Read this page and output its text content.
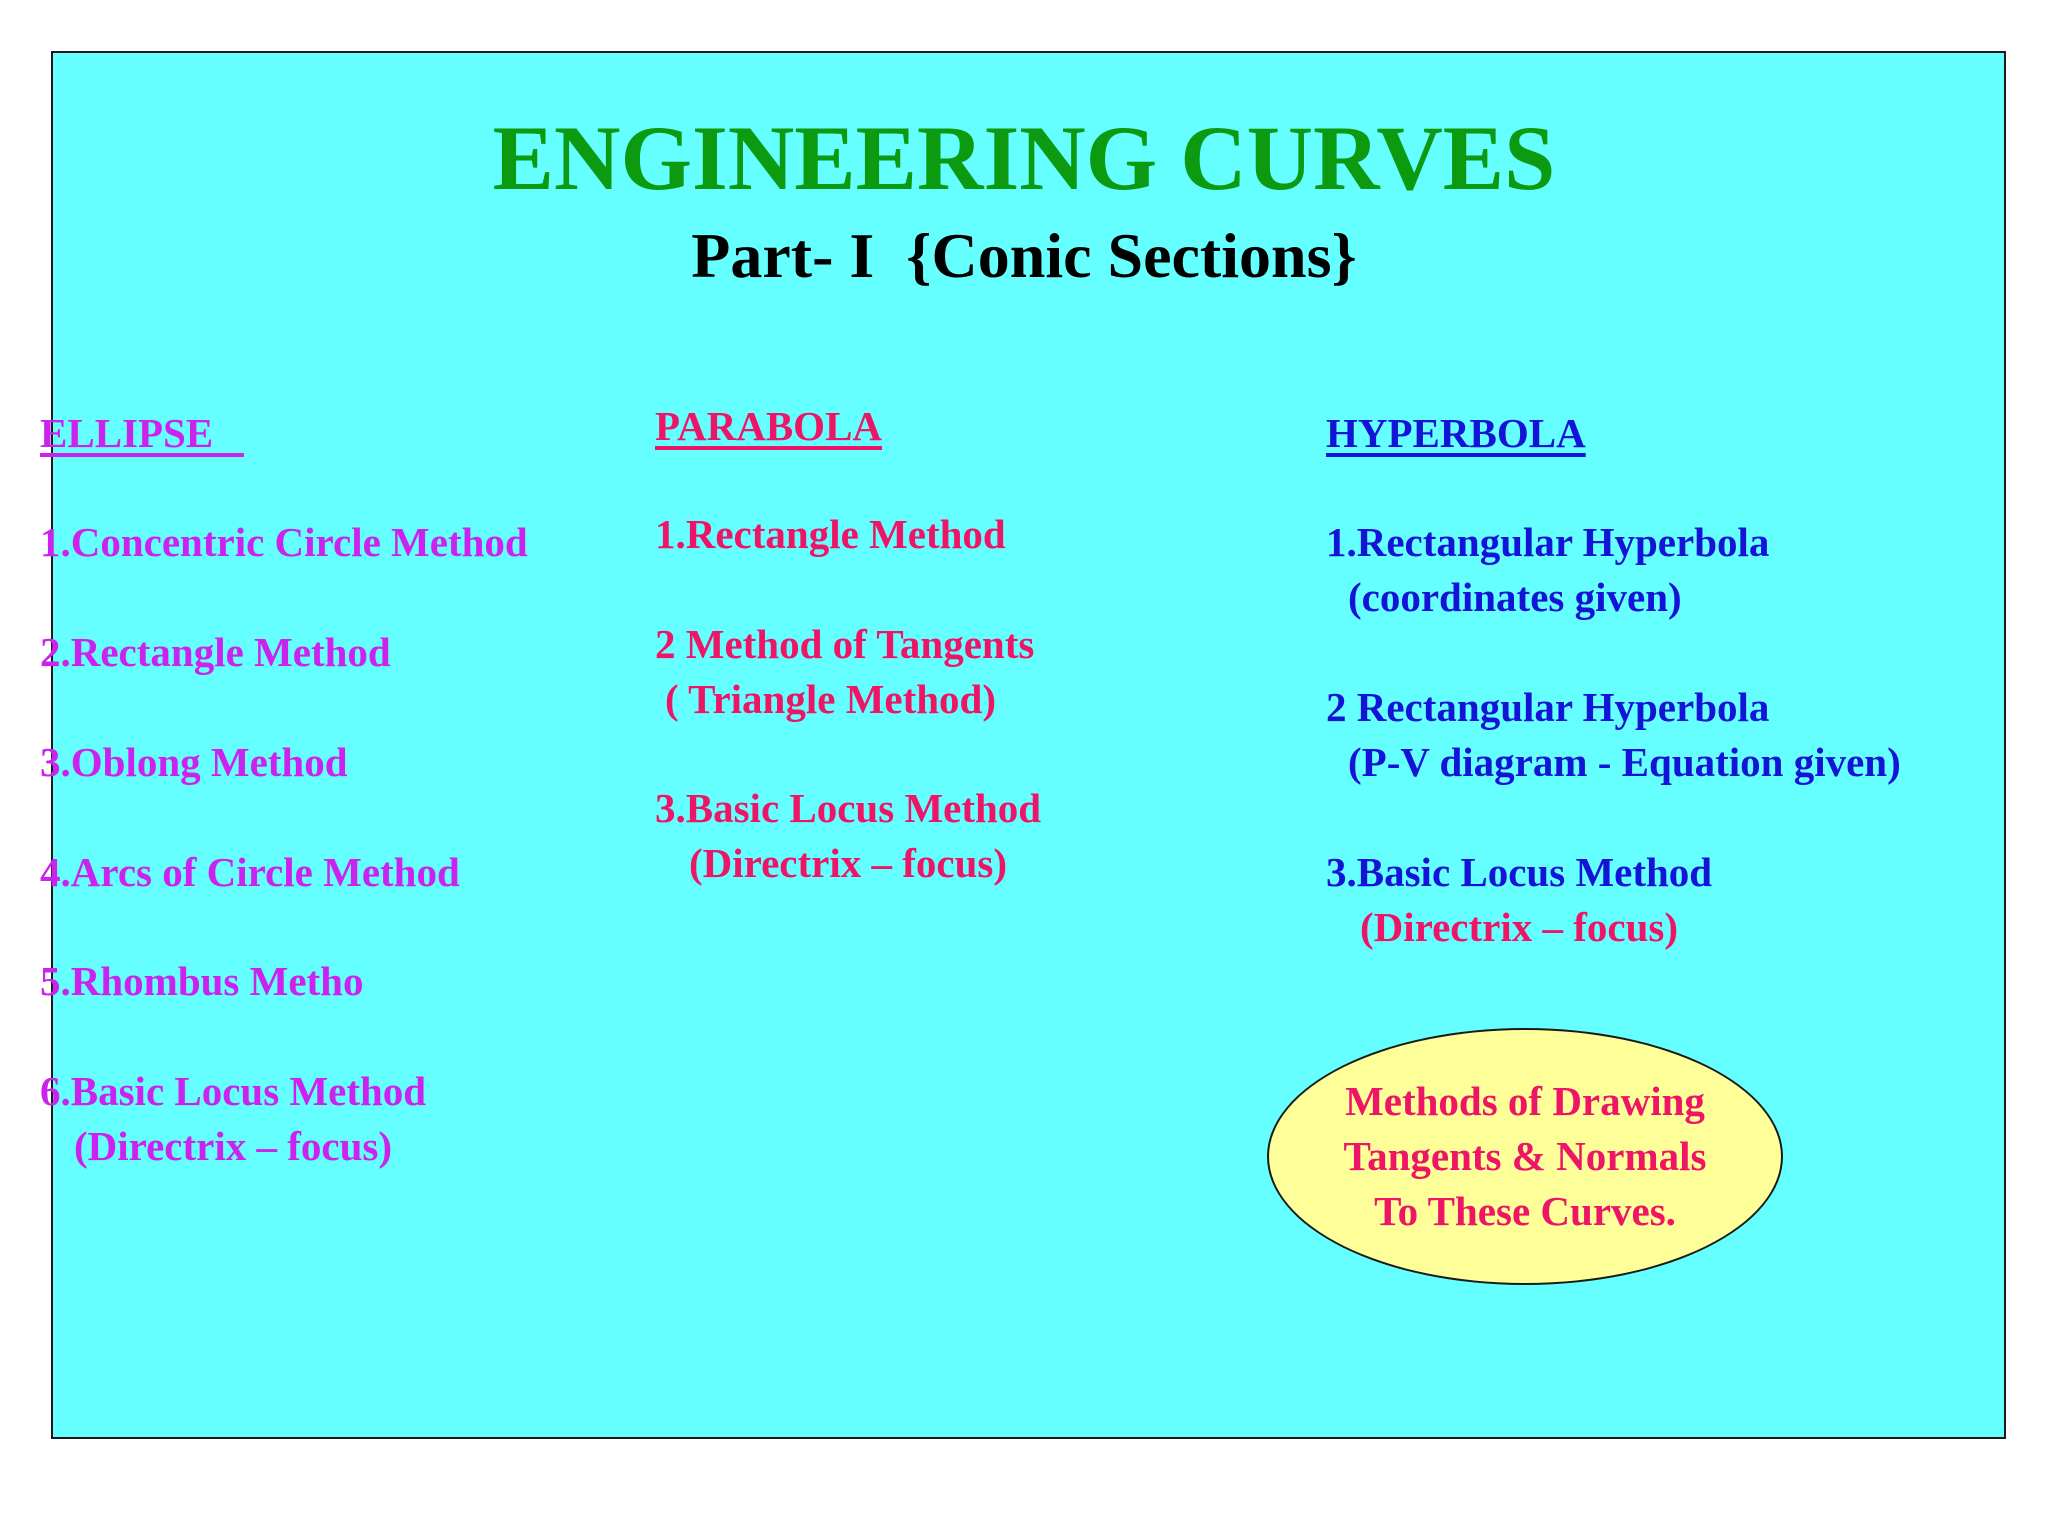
ENGINEERING CURVES
Part- I  {Conic Sections}

ELLIPSE

1.Concentric Circle Method

2.Rectangle Method

3.Oblong Method

4.Arcs of Circle Method

5.Rhombus Metho

6.Basic Locus Method

(Directrix – focus)

PARABOLA

1.Rectangle Method

2 Method of Tangents

( Triangle Method)

3.Basic Locus Method

(Directrix – focus)

HYPERBOLA

1.Rectangular Hyperbola

(coordinates given)

2 Rectangular Hyperbola

(P-V diagram - Equation given)

3.Basic Locus Method

(Directrix – focus)

Methods of Drawing
Tangents & Normals
To These Curves.
